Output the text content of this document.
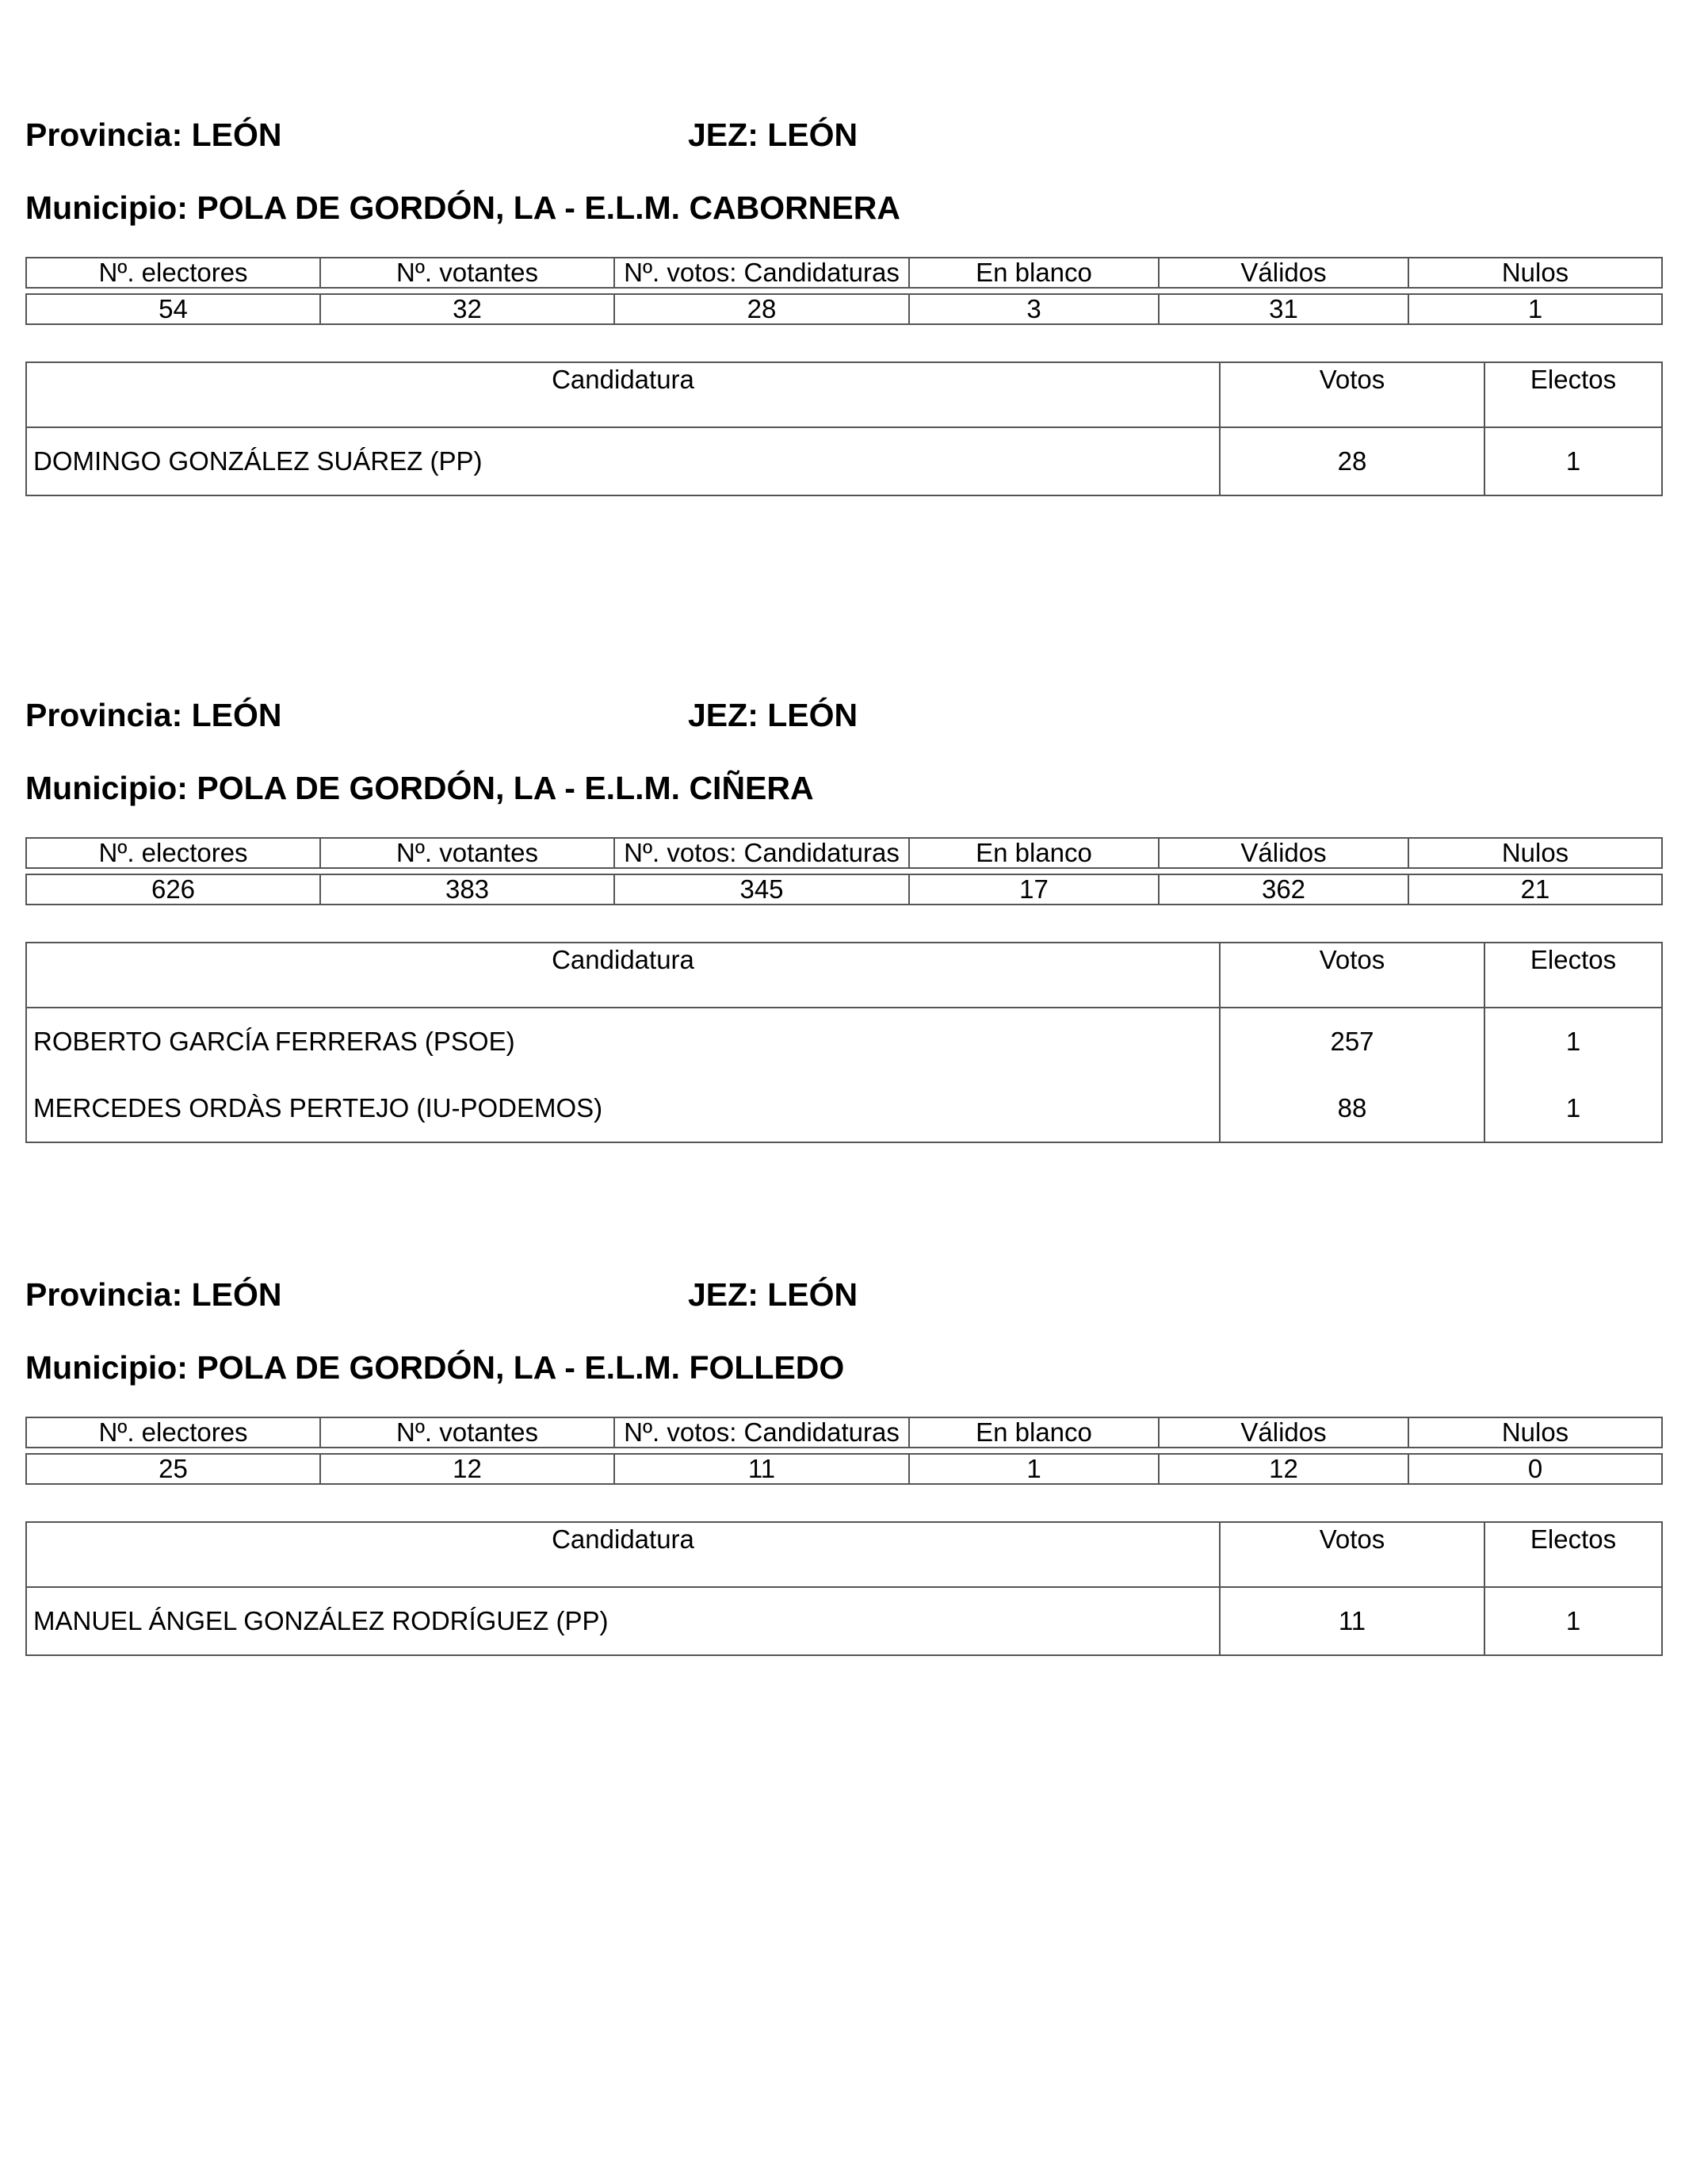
Provincia: LEÓN	JEZ: LEÓN
Municipio: POLA DE GORDÓN, LA - E.L.M. CABORNERA
Nº. electores	Nº. votantes	Nº. votos: Candidaturas	En blanco	Válidos	Nulos

54	32	28	3	31	1
Candidatura	Votos	Electos
DOMINGO GONZÁLEZ SUÁREZ (PP)	28	1
Provincia: LEÓN	JEZ: LEÓN
Municipio: POLA DE GORDÓN, LA - E.L.M. CIÑERA
Nº. electores	Nº. votantes	Nº. votos: Candidaturas	En blanco	Válidos	Nulos

626	383	345	17	362	21
Candidatura	Votos	Electos
ROBERTO GARCÍA FERRERAS (PSOE)	257	1
MERCEDES ORDÀS PERTEJO (IU-PODEMOS)	88	1
Provincia: LEÓN	JEZ: LEÓN
Municipio: POLA DE GORDÓN, LA - E.L.M. FOLLEDO
Nº. electores	Nº. votantes	Nº. votos: Candidaturas	En blanco	Válidos	Nulos

25	12	11	1	12	0
Candidatura	Votos	Electos
MANUEL ÁNGEL GONZÁLEZ RODRÍGUEZ (PP)	11	1
